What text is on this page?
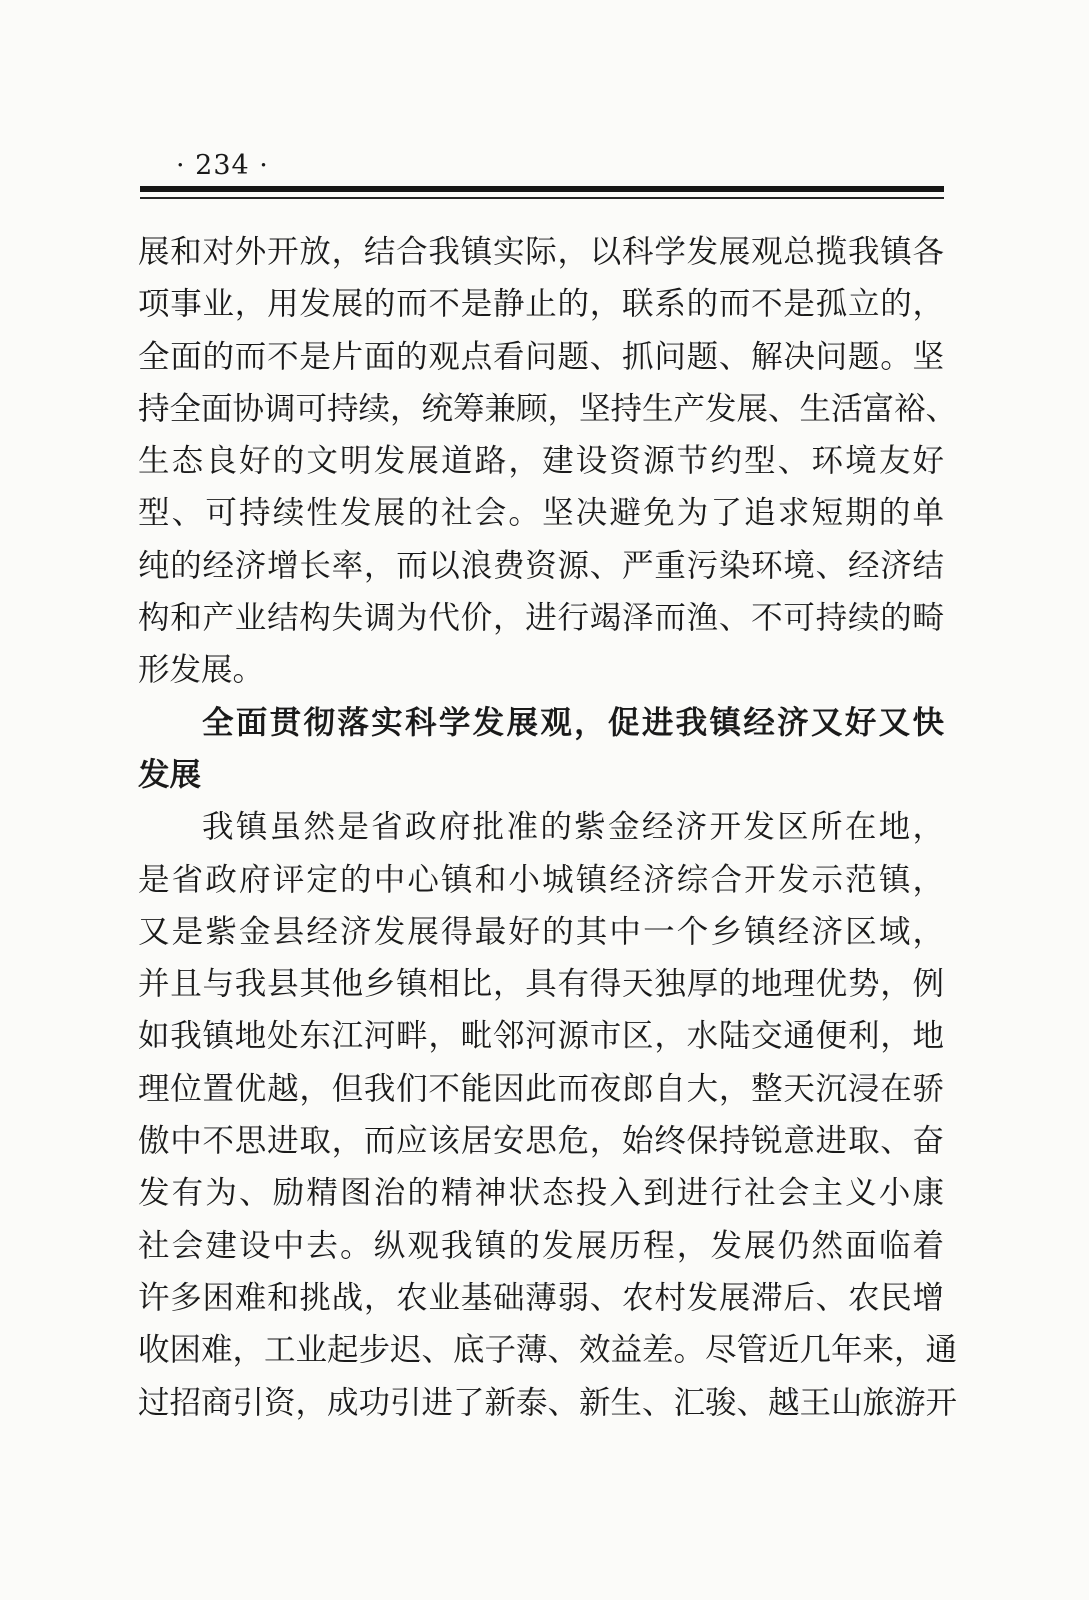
· 234 ·
展和对外开放，结合我镇实际，以科学发展观总揽我镇各
项事业，用发展的而不是静止的，联系的而不是孤立的，
全面的而不是片面的观点看问题、抓问题、解决问题。坚
持全面协调可持续，统筹兼顾，坚持生产发展、生活富裕、
生态良好的文明发展道路，建设资源节约型、环境友好
型、可持续性发展的社会。坚决避免为了追求短期的单
纯的经济增长率，而以浪费资源、严重污染环境、经济结
构和产业结构失调为代价，进行竭泽而渔、不可持续的畸
形发展。
全面贯彻落实科学发展观，促进我镇经济又好又快
发展
我镇虽然是省政府批准的紫金经济开发区所在地，
是省政府评定的中心镇和小城镇经济综合开发示范镇，
又是紫金县经济发展得最好的其中一个乡镇经济区域，
并且与我县其他乡镇相比，具有得天独厚的地理优势，例
如我镇地处东江河畔，毗邻河源市区，水陆交通便利，地
理位置优越，但我们不能因此而夜郎自大，整天沉浸在骄
傲中不思进取，而应该居安思危，始终保持锐意进取、奋
发有为、励精图治的精神状态投入到进行社会主义小康
社会建设中去。纵观我镇的发展历程，发展仍然面临着
许多困难和挑战，农业基础薄弱、农村发展滞后、农民增
收困难，工业起步迟、底子薄、效益差。尽管近几年来，通
过招商引资，成功引进了新泰、新生、汇骏、越王山旅游开
